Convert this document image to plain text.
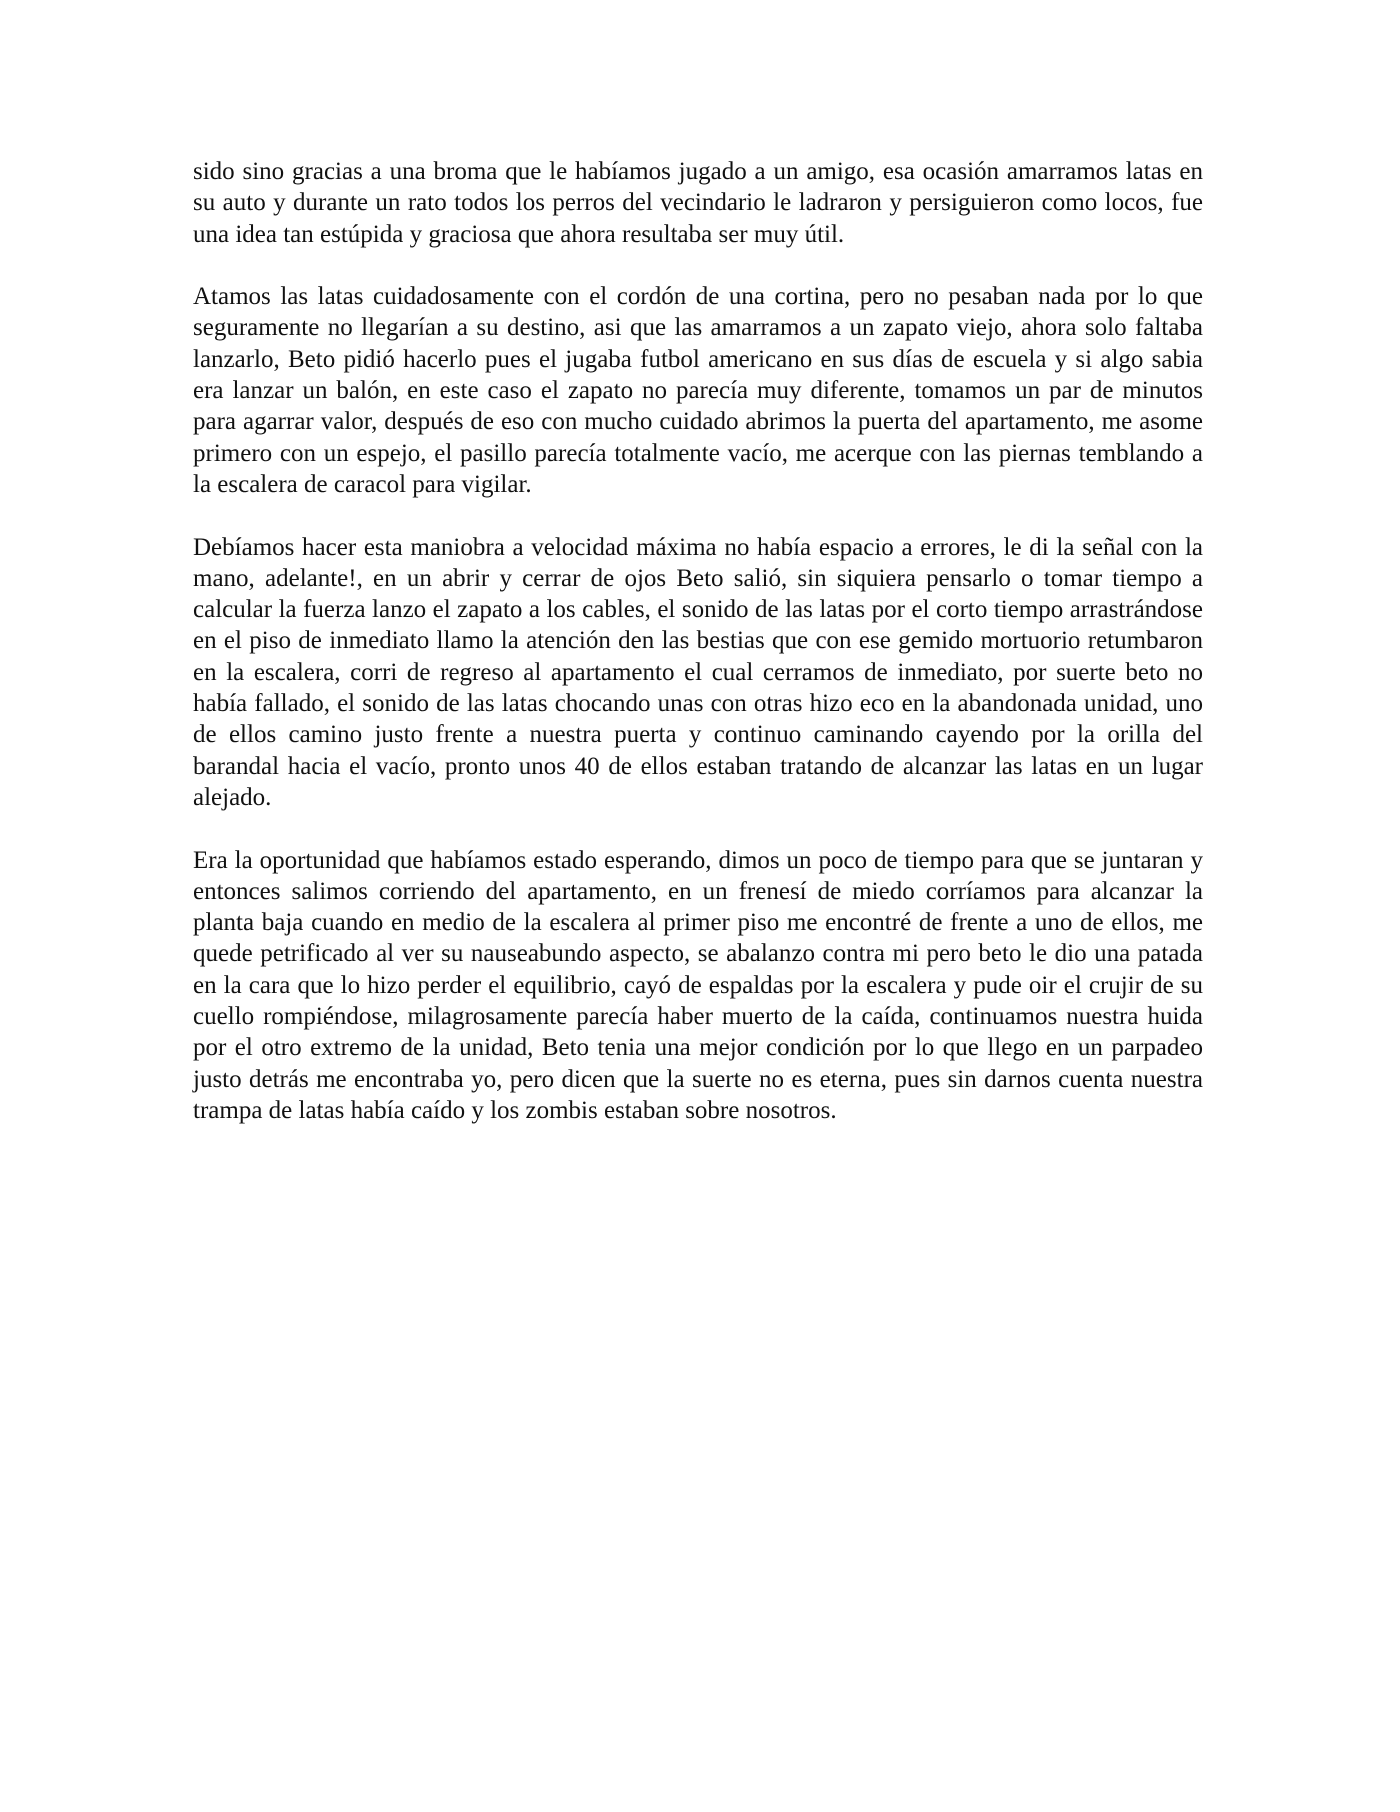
sido sino gracias a una broma que le habíamos jugado a un amigo, esa ocasión amarramos latas en su auto y durante un rato todos los perros del vecindario le ladraron y persiguieron como locos, fue una idea tan estúpida y graciosa que ahora resultaba ser muy útil.

Atamos las latas cuidadosamente con el cordón de una cortina, pero no pesaban nada por lo que seguramente no llegarían a su destino, asi que las amarramos a un zapato viejo, ahora solo faltaba lanzarlo, Beto pidió hacerlo pues el jugaba futbol americano en sus días de escuela y si algo sabia era lanzar un balón, en este caso el zapato no parecía muy diferente, tomamos un par de minutos para agarrar valor, después de eso con mucho cuidado abrimos la puerta del apartamento, me asome primero con un espejo, el pasillo parecía totalmente vacío, me acerque con las piernas temblando a la escalera de caracol para vigilar.

Debíamos hacer esta maniobra a velocidad máxima no había espacio a errores, le di la señal con la mano, adelante!, en un abrir y cerrar de ojos Beto salió, sin siquiera pensarlo o tomar tiempo a calcular la fuerza lanzo el zapato a los cables, el sonido de las latas por el corto tiempo arrastrándose en el piso de inmediato llamo la atención den las bestias que con ese gemido mortuorio retumbaron en la escalera, corri de regreso al apartamento el cual cerramos de inmediato, por suerte beto no había fallado, el sonido de las latas chocando unas con otras hizo eco en la abandonada unidad, uno de ellos camino justo frente a nuestra puerta y continuo caminando cayendo por la orilla del barandal hacia el vacío, pronto unos 40 de ellos estaban tratando de alcanzar las latas en un lugar alejado.

Era la oportunidad que habíamos estado esperando, dimos un poco de tiempo para que se juntaran y entonces salimos corriendo del apartamento, en un frenesí de miedo corríamos para alcanzar la planta baja cuando en medio de la escalera al primer piso me encontré de frente a uno de ellos, me quede petrificado al ver su nauseabundo aspecto, se abalanzo contra mi pero beto le dio una patada en la cara que lo hizo perder el equilibrio, cayó de espaldas por la escalera y pude oir el crujir de su cuello rompiéndose, milagrosamente parecía haber muerto de la caída, continuamos nuestra huida por el otro extremo de la unidad, Beto tenia una mejor condición por lo que llego en un parpadeo justo detrás me encontraba yo, pero dicen que la suerte no es eterna, pues sin darnos cuenta nuestra trampa de latas había caído y los zombis estaban sobre nosotros.
